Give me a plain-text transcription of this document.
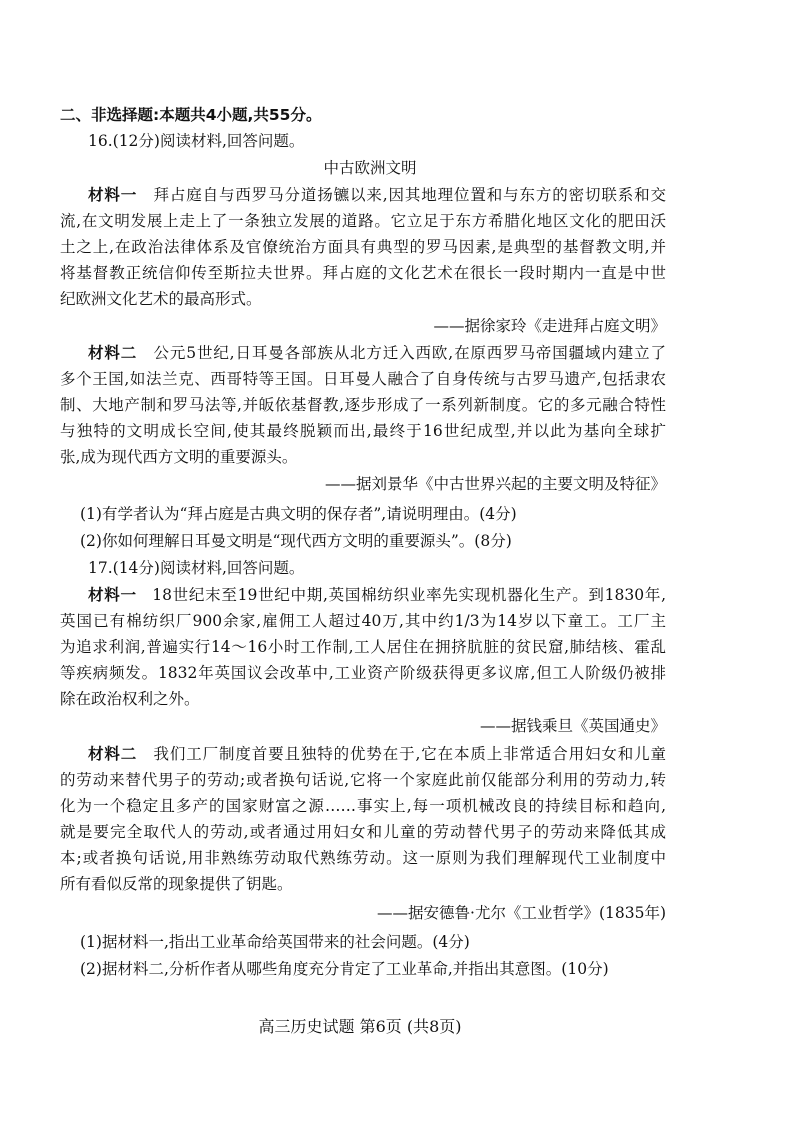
二、非选择题:本题共4小题,共55分。
16.(12分)阅读材料,回答问题。
中古欧洲文明
材料一  拜占庭自与西罗马分道扬镳以来,因其地理位置和与东方的密切联系和交
流,在文明发展上走上了一条独立发展的道路。它立足于东方希腊化地区文化的肥田沃
土之上,在政治法律体系及官僚统治方面具有典型的罗马因素,是典型的基督教文明,并
将基督教正统信仰传至斯拉夫世界。拜占庭的文化艺术在很长一段时期内一直是中世
纪欧洲文化艺术的最高形式。
——据徐家玲《走进拜占庭文明》
材料二  公元5世纪,日耳曼各部族从北方迁入西欧,在原西罗马帝国疆域内建立了
多个王国,如法兰克、西哥特等王国。日耳曼人融合了自身传统与古罗马遗产,包括隶农
制、大地产制和罗马法等,并皈依基督教,逐步形成了一系列新制度。它的多元融合特性
与独特的文明成长空间,使其最终脱颖而出,最终于16世纪成型,并以此为基向全球扩
张,成为现代西方文明的重要源头。
——据刘景华《中古世界兴起的主要文明及特征》
(1)有学者认为“拜占庭是古典文明的保存者”,请说明理由。(4分)
(2)你如何理解日耳曼文明是“现代西方文明的重要源头”。(8分)
17.(14分)阅读材料,回答问题。
材料一  18世纪末至19世纪中期,英国棉纺织业率先实现机器化生产。到1830年,
英国已有棉纺织厂900余家,雇佣工人超过40万,其中约1/3为14岁以下童工。工厂主
为追求利润,普遍实行14～16小时工作制,工人居住在拥挤肮脏的贫民窟,肺结核、霍乱
等疾病频发。1832年英国议会改革中,工业资产阶级获得更多议席,但工人阶级仍被排
除在政治权利之外。
——据钱乘旦《英国通史》
材料二  我们工厂制度首要且独特的优势在于,它在本质上非常适合用妇女和儿童
的劳动来替代男子的劳动;或者换句话说,它将一个家庭此前仅能部分利用的劳动力,转
化为一个稳定且多产的国家财富之源……事实上,每一项机械改良的持续目标和趋向,
就是要完全取代人的劳动,或者通过用妇女和儿童的劳动替代男子的劳动来降低其成
本;或者换句话说,用非熟练劳动取代熟练劳动。这一原则为我们理解现代工业制度中
所有看似反常的现象提供了钥匙。
——据安德鲁·尤尔《工业哲学》(1835年)
(1)据材料一,指出工业革命给英国带来的社会问题。(4分)
(2)据材料二,分析作者从哪些角度充分肯定了工业革命,并指出其意图。(10分)
高三历史试题 第6页 (共8页)
